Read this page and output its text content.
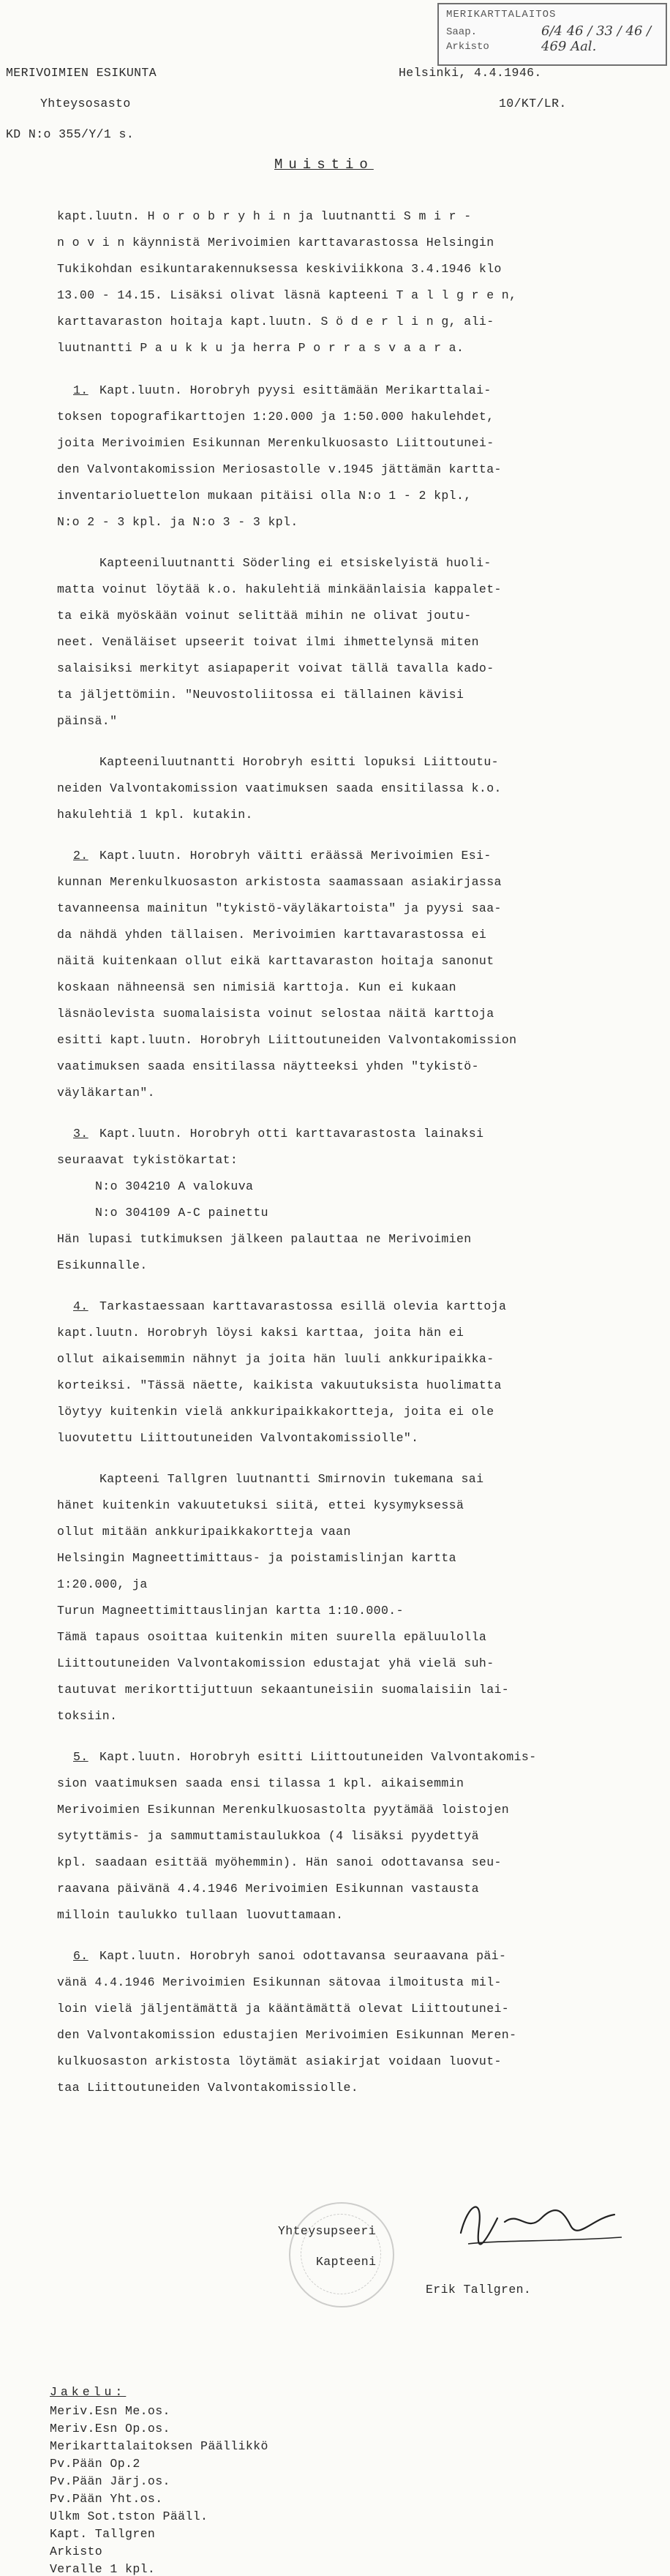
MERIKARTTALAITOS
Saap.
Arkisto
6/4 46 / 33 / 46 / 469 Aal.
MERIVOIMIEN ESIKUNTA
Yhteysosasto
KD N:o 355/Y/1 s.
Helsinki, 4.4.1946.
10/KT/LR.
Muistio
kapt.luutn. H o r o b r y h i n ja luutnantti S m i r -
n o v i n käynnistä Merivoimien karttavarastossa Helsingin
Tukikohdan esikuntarakennuksessa keskiviikkona 3.4.1946 klo
13.00 - 14.15. Lisäksi olivat läsnä kapteeni T a l l g r e n,
karttavaraston hoitaja kapt.luutn. S ö d e r l i n g, ali-
luutnantti P a u k k u ja herra P o r r a s v a a r a.
Kapt.luutn. Horobryh pyysi esittämään Merikarttalai-
toksen topografikarttojen 1:20.000 ja 1:50.000 hakulehdet,
joita Merivoimien Esikunnan Merenkulkuosasto Liittoutunei-
den Valvontakomission Meriosastolle v.1945 jättämän kartta-
inventarioluettelon mukaan pitäisi olla N:o 1 - 2 kpl.,
N:o 2 - 3 kpl. ja N:o 3 - 3 kpl.
1.
Kapteeniluutnantti Söderling ei etsiskelyistä huoli-
matta voinut löytää k.o. hakulehtiä minkäänlaisia kappalet-
ta eikä myöskään voinut selittää mihin ne olivat joutu-
neet. Venäläiset upseerit toivat ilmi ihmettelynsä miten
salaisiksi merkityt asiapaperit voivat tällä tavalla kado-
ta jäljettömiin. "Neuvostoliitossa ei tällainen kävisi
päinsä."
Kapteeniluutnantti Horobryh esitti lopuksi Liittoutu-
neiden Valvontakomission vaatimuksen saada ensitilassa k.o.
hakulehtiä 1 kpl. kutakin.
Kapt.luutn. Horobryh väitti eräässä Merivoimien Esi-
kunnan Merenkulkuosaston arkistosta saamassaan asiakirjassa
tavanneensa mainitun "tykistö-väyläkartoista" ja pyysi saa-
da nähdä yhden tällaisen. Merivoimien karttavarastossa ei
näitä kuitenkaan ollut eikä karttavaraston hoitaja sanonut
koskaan nähneensä sen nimisiä karttoja. Kun ei kukaan
läsnäolevista suomalaisista voinut selostaa näitä karttoja
esitti kapt.luutn. Horobryh Liittoutuneiden Valvontakomission
vaatimuksen saada ensitilassa näytteeksi yhden "tykistö-
väyläkartan".
2.
Kapt.luutn. Horobryh otti karttavarastosta lainaksi
seuraavat tykistökartat:
N:o 304210 A valokuva
N:o 304109 A-C painettu
Hän lupasi tutkimuksen jälkeen palauttaa ne Merivoimien
Esikunnalle.
3.
Tarkastaessaan karttavarastossa esillä olevia karttoja
kapt.luutn. Horobryh löysi kaksi karttaa, joita hän ei
ollut aikaisemmin nähnyt ja joita hän luuli ankkuripaikka-
korteiksi. "Tässä näette, kaikista vakuutuksista huolimatta
löytyy kuitenkin vielä ankkuripaikkakortteja, joita ei ole
luovutettu Liittoutuneiden Valvontakomissiolle".
4.
Kapteeni Tallgren luutnantti Smirnovin tukemana sai
hänet kuitenkin vakuutetuksi siitä, ettei kysymyksessä
ollut mitään ankkuripaikkakortteja vaan
Helsingin Magneettimittaus- ja poistamislinjan kartta
1:20.000, ja
Turun Magneettimittauslinjan kartta 1:10.000.-
Tämä tapaus osoittaa kuitenkin miten suurella epäluulolla
Liittoutuneiden Valvontakomission edustajat yhä vielä suh-
tautuvat merikorttijuttuun sekaantuneisiin suomalaisiin lai-
toksiin.
Kapt.luutn. Horobryh esitti Liittoutuneiden Valvontakomis-
sion vaatimuksen saada ensi tilassa 1 kpl. aikaisemmin
Merivoimien Esikunnan Merenkulkuosastolta pyytämää loistojen
sytyttämis- ja sammuttamistaulukkoa (4 lisäksi pyydettyä
kpl. saadaan esittää myöhemmin). Hän sanoi odottavansa seu-
raavana päivänä 4.4.1946 Merivoimien Esikunnan vastausta
milloin taulukko tullaan luovuttamaan.
5.
Kapt.luutn. Horobryh sanoi odottavansa seuraavana päi-
vänä 4.4.1946 Merivoimien Esikunnan sätovaa ilmoitusta mil-
loin vielä jäljentämättä ja kääntämättä olevat Liittoutunei-
den Valvontakomission edustajien Merivoimien Esikunnan Meren-
kulkuosaston arkistosta löytämät asiakirjat voidaan luovut-
taa Liittoutuneiden Valvontakomissiolle.
6.
Yhteysupseeri
Kapteeni
Erik Tallgren.
Jakelu:
Meriv.Esn Me.os.
Meriv.Esn Op.os.
Merikarttalaitoksen Päällikkö
Pv.Pään Op.2
Pv.Pään Järj.os.
Pv.Pään Yht.os.
Ulkm Sot.tston Pääll.
Kapt. Tallgren
Arkisto
Veralle 1 kpl.
